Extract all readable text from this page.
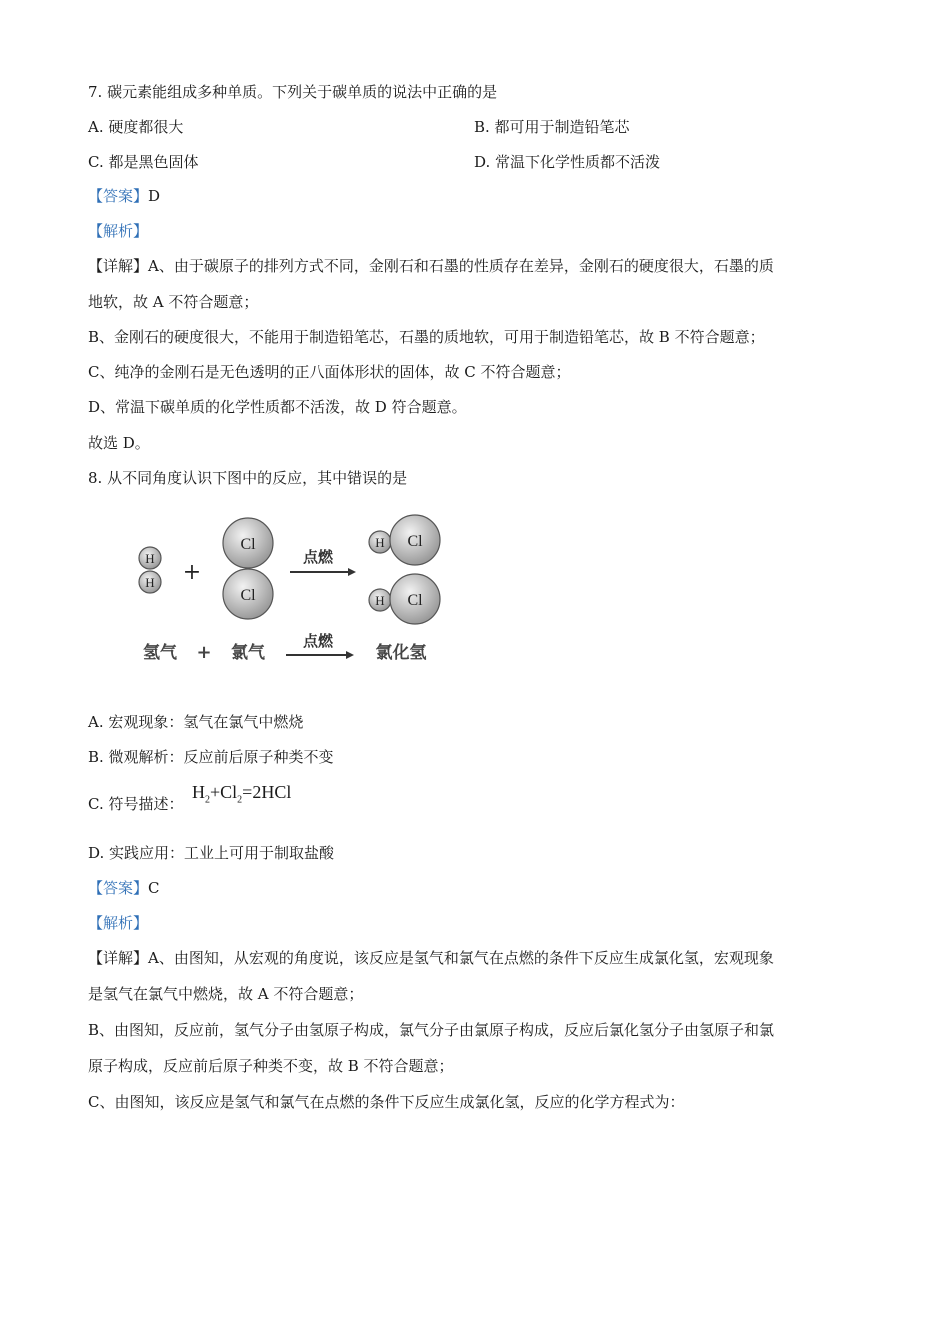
7. 碳元素能组成多种单质。下列关于碳单质的说法中正确的是
A. 硬度都很大	B. 都可用于制造铅笔芯
C. 都是黑色固体	D. 常温下化学性质都不活泼
【答案】D
【解析】
【详解】A、由于碳原子的排列方式不同，金刚石和石墨的性质存在差异，金刚石的硬度很大，石墨的质
地软，故 A 不符合题意；
B、金刚石的硬度很大，不能用于制造铅笔芯，石墨的质地软，可用于制造铅笔芯，故 B 不符合题意；
C、纯净的金刚石是无色透明的正八面体形状的固体，故 C 不符合题意；
D、常温下碳单质的化学性质都不活泼，故 D 符合题意。
故选 D。
8. 从不同角度认识下图中的反应，其中错误的是
H
H +
Cl
Cl
点燃
H Cl
H Cl
氢气 + 氯气
点燃
氯化氢
A. 宏观现象：氢气在氯气中燃烧
B. 微观解析：反应前后原子种类不变
C. 符号描述：
$H_2+Cl_2=2HCl$
D. 实践应用：工业上可用于制取盐酸
【答案】C
【解析】
【详解】A、由图知，从宏观的角度说，该反应是氢气和氯气在点燃的条件下反应生成氯化氢，宏观现象
是氢气在氯气中燃烧，故 A 不符合题意；
B、由图知，反应前，氢气分子由氢原子构成，氯气分子由氯原子构成，反应后氯化氢分子由氢原子和氯
原子构成，反应前后原子种类不变，故 B 不符合题意；
C、由图知，该反应是氢气和氯气在点燃的条件下反应生成氯化氢，反应的化学方程式为：
